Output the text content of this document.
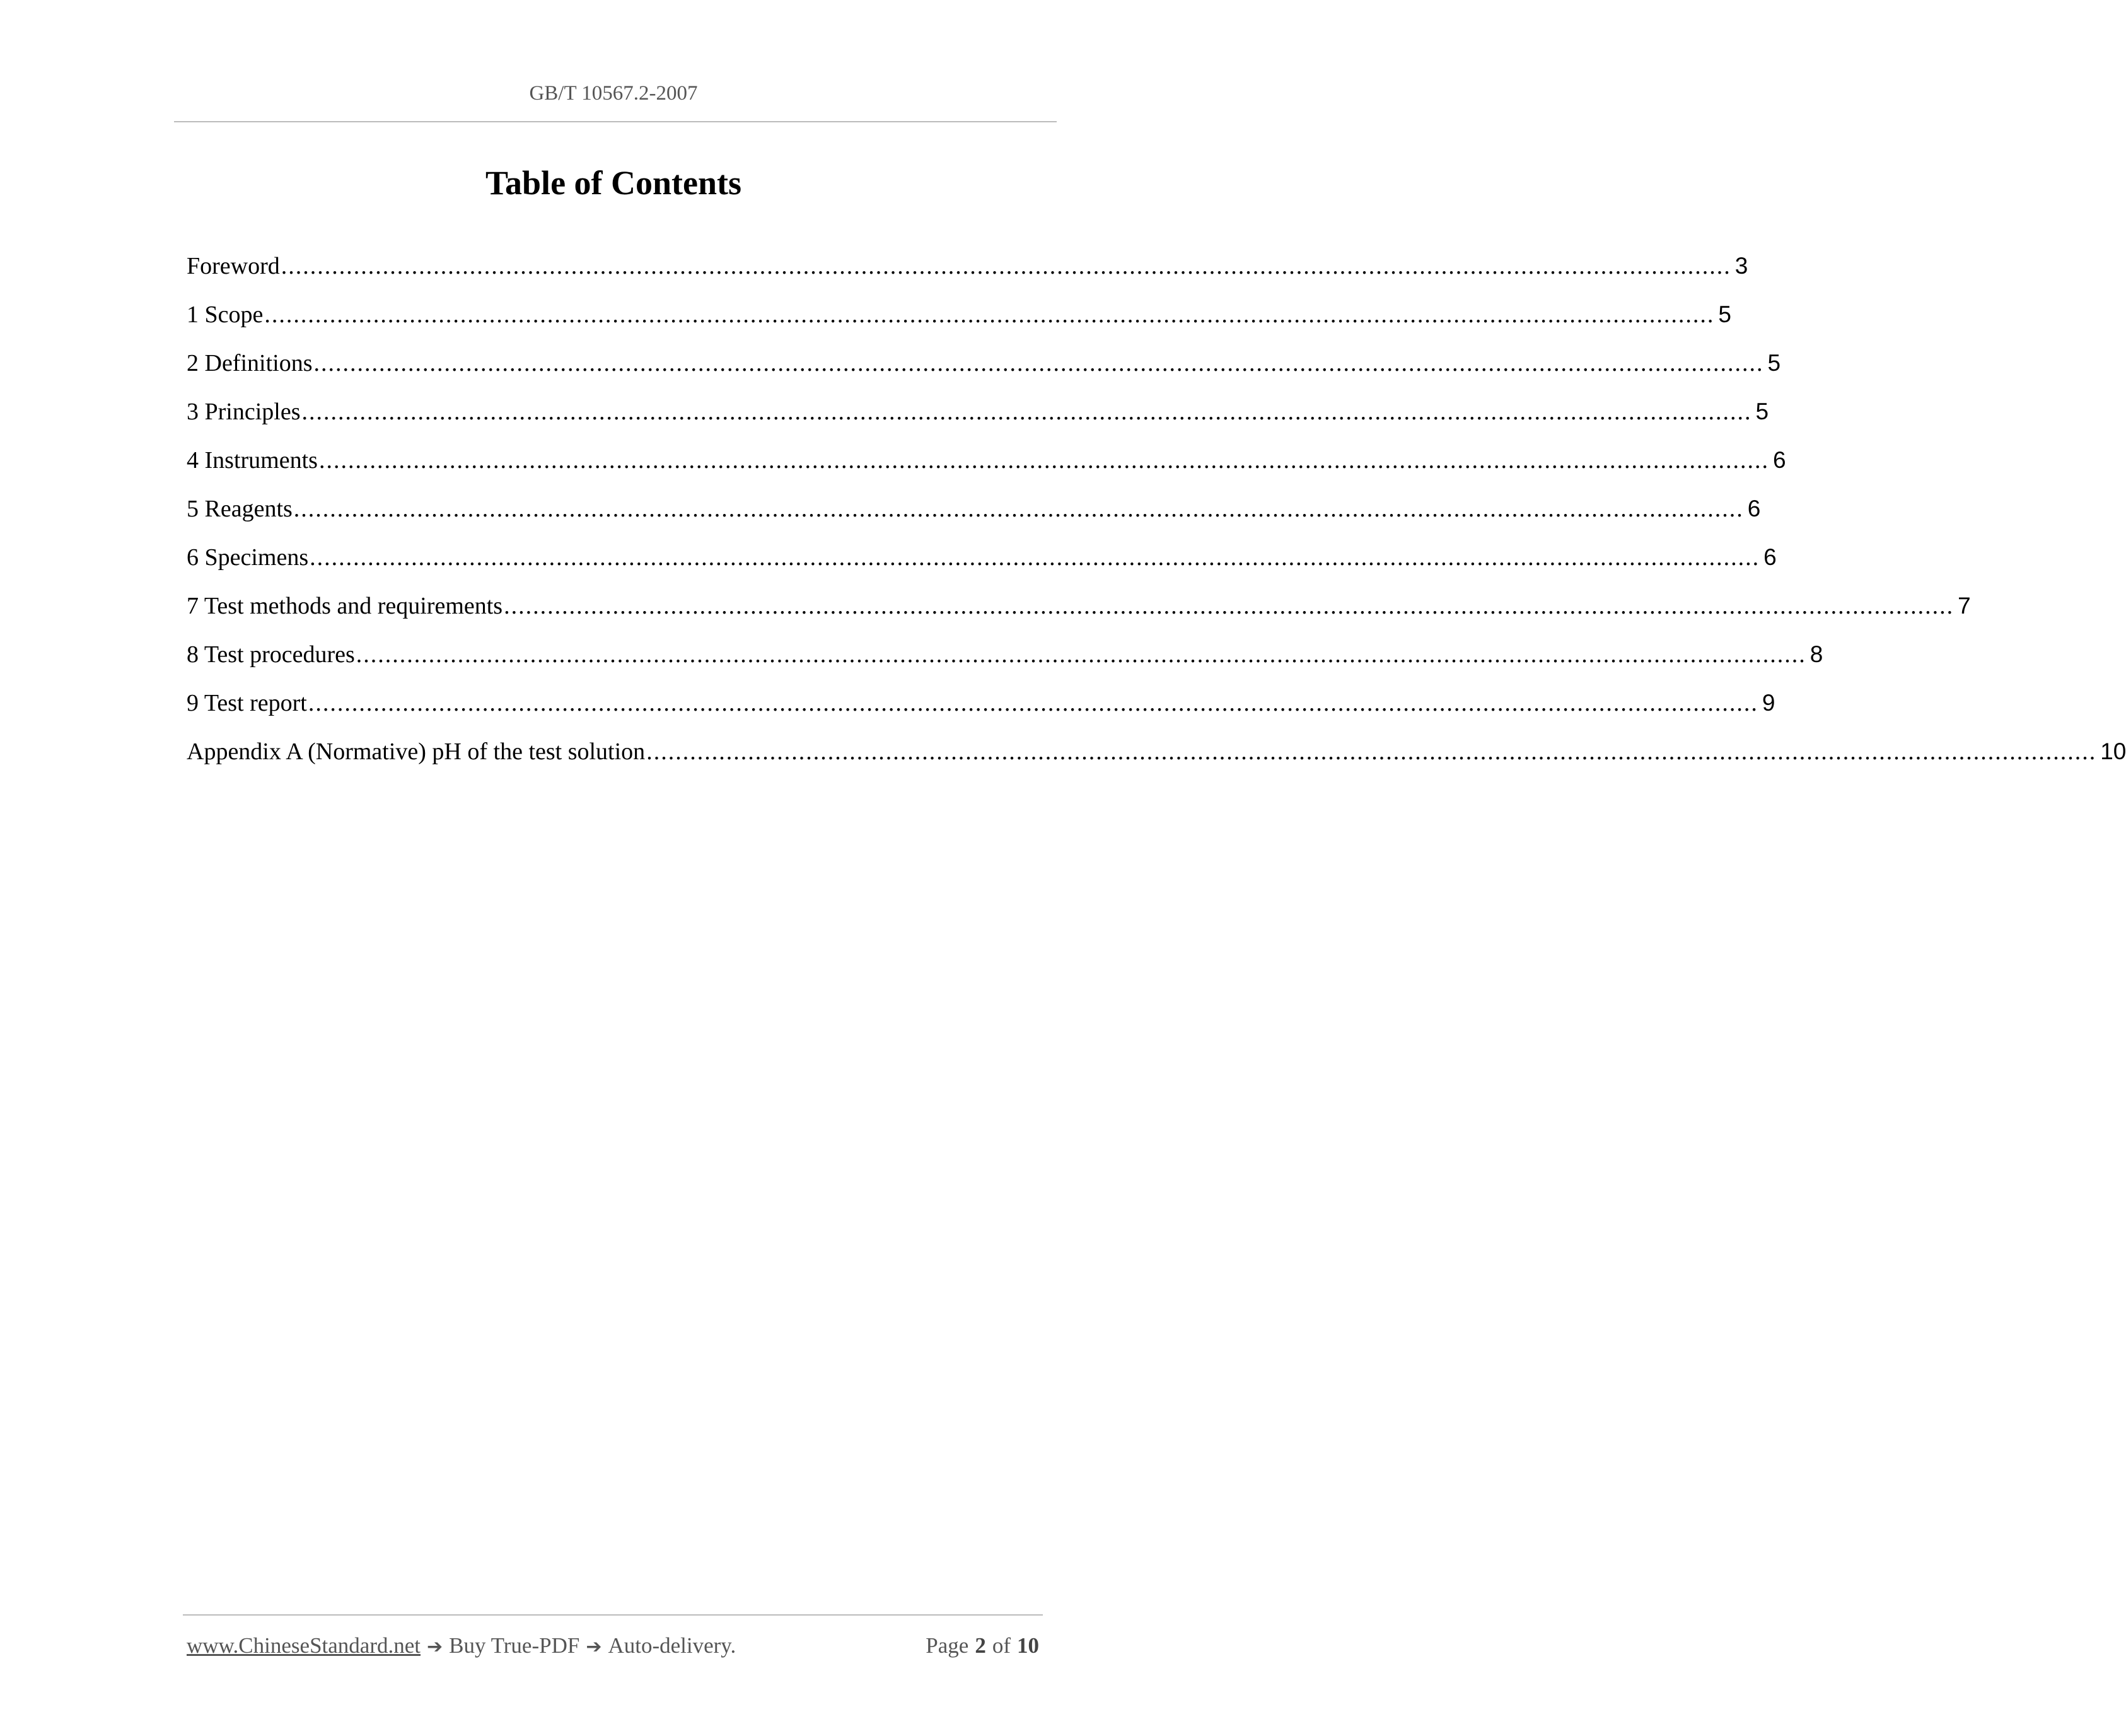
GB/T 10567.2-2007
Table of Contents
Foreword ........................................................................................................................................................................................................ 3
1 Scope ........................................................................................................................................................................................................ 5
2 Definitions ........................................................................................................................................................................................................ 5
3 Principles ........................................................................................................................................................................................................ 5
4 Instruments ........................................................................................................................................................................................................ 6
5 Reagents ........................................................................................................................................................................................................ 6
6 Specimens ........................................................................................................................................................................................................ 6
7 Test methods and requirements ........................................................................................................................................................................................................ 7
8 Test procedures ........................................................................................................................................................................................................ 8
9 Test report ........................................................................................................................................................................................................ 9
Appendix A (Normative) pH of the test solution ........................................................................................................................................................................................................ 10
www.ChineseStandard.net ➔ Buy True-PDF ➔ Auto-delivery.	Page 2 of 10
